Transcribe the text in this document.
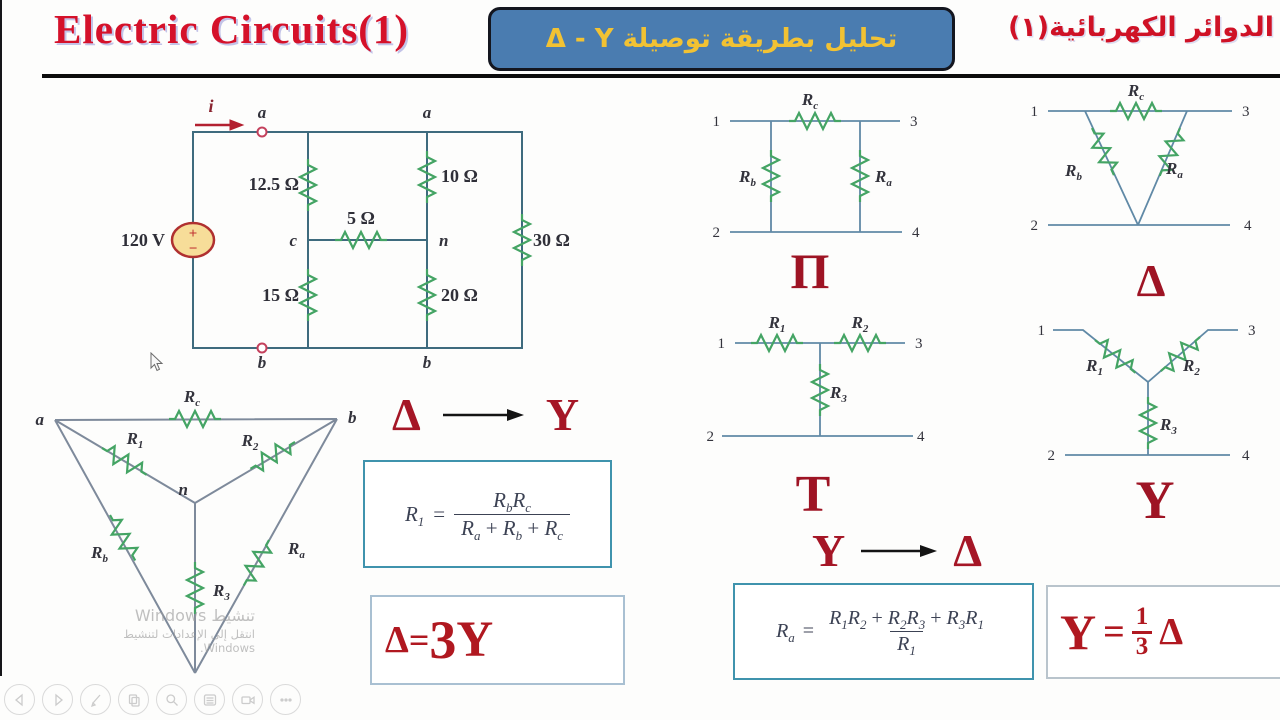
Electric Circuits(1)	تحليل بطريقة توصيلة Δ - Y	الدوائر الكهربائية(١)
i
+
−
a	a
12.5 Ω	10 Ω
5 Ω
c	n	30 Ω
15 Ω	20 Ω
120 V
b	b
1	3
2	4
$R_c$
$R_b$	$R_a$
Π
1	3
2	4
$R_c$
$R_b$	$R_a$
Δ
1	3
2	4
$R_1$	$R_2$
$R_3$
T
1	3
2	4
$R_1$	$R_2$
$R_3$
Y
a	b
n
$R_c$
$R_1$	$R_2$
$R_b$
$R_a$
$R_3$
Δ	Y
$R_1 = \frac{R_bR_c}{R_a + R_b + R_c}$
Δ = 3 Y
Y Δ
$R_a = \frac{R_1R_2 + R_2R_3 + R_3R_1}{R_1}$ $Y = \frac{1}{3}$ Δ
تنشيط Windows
انتقل إلى الإعدادات لتنشيط Windows.
